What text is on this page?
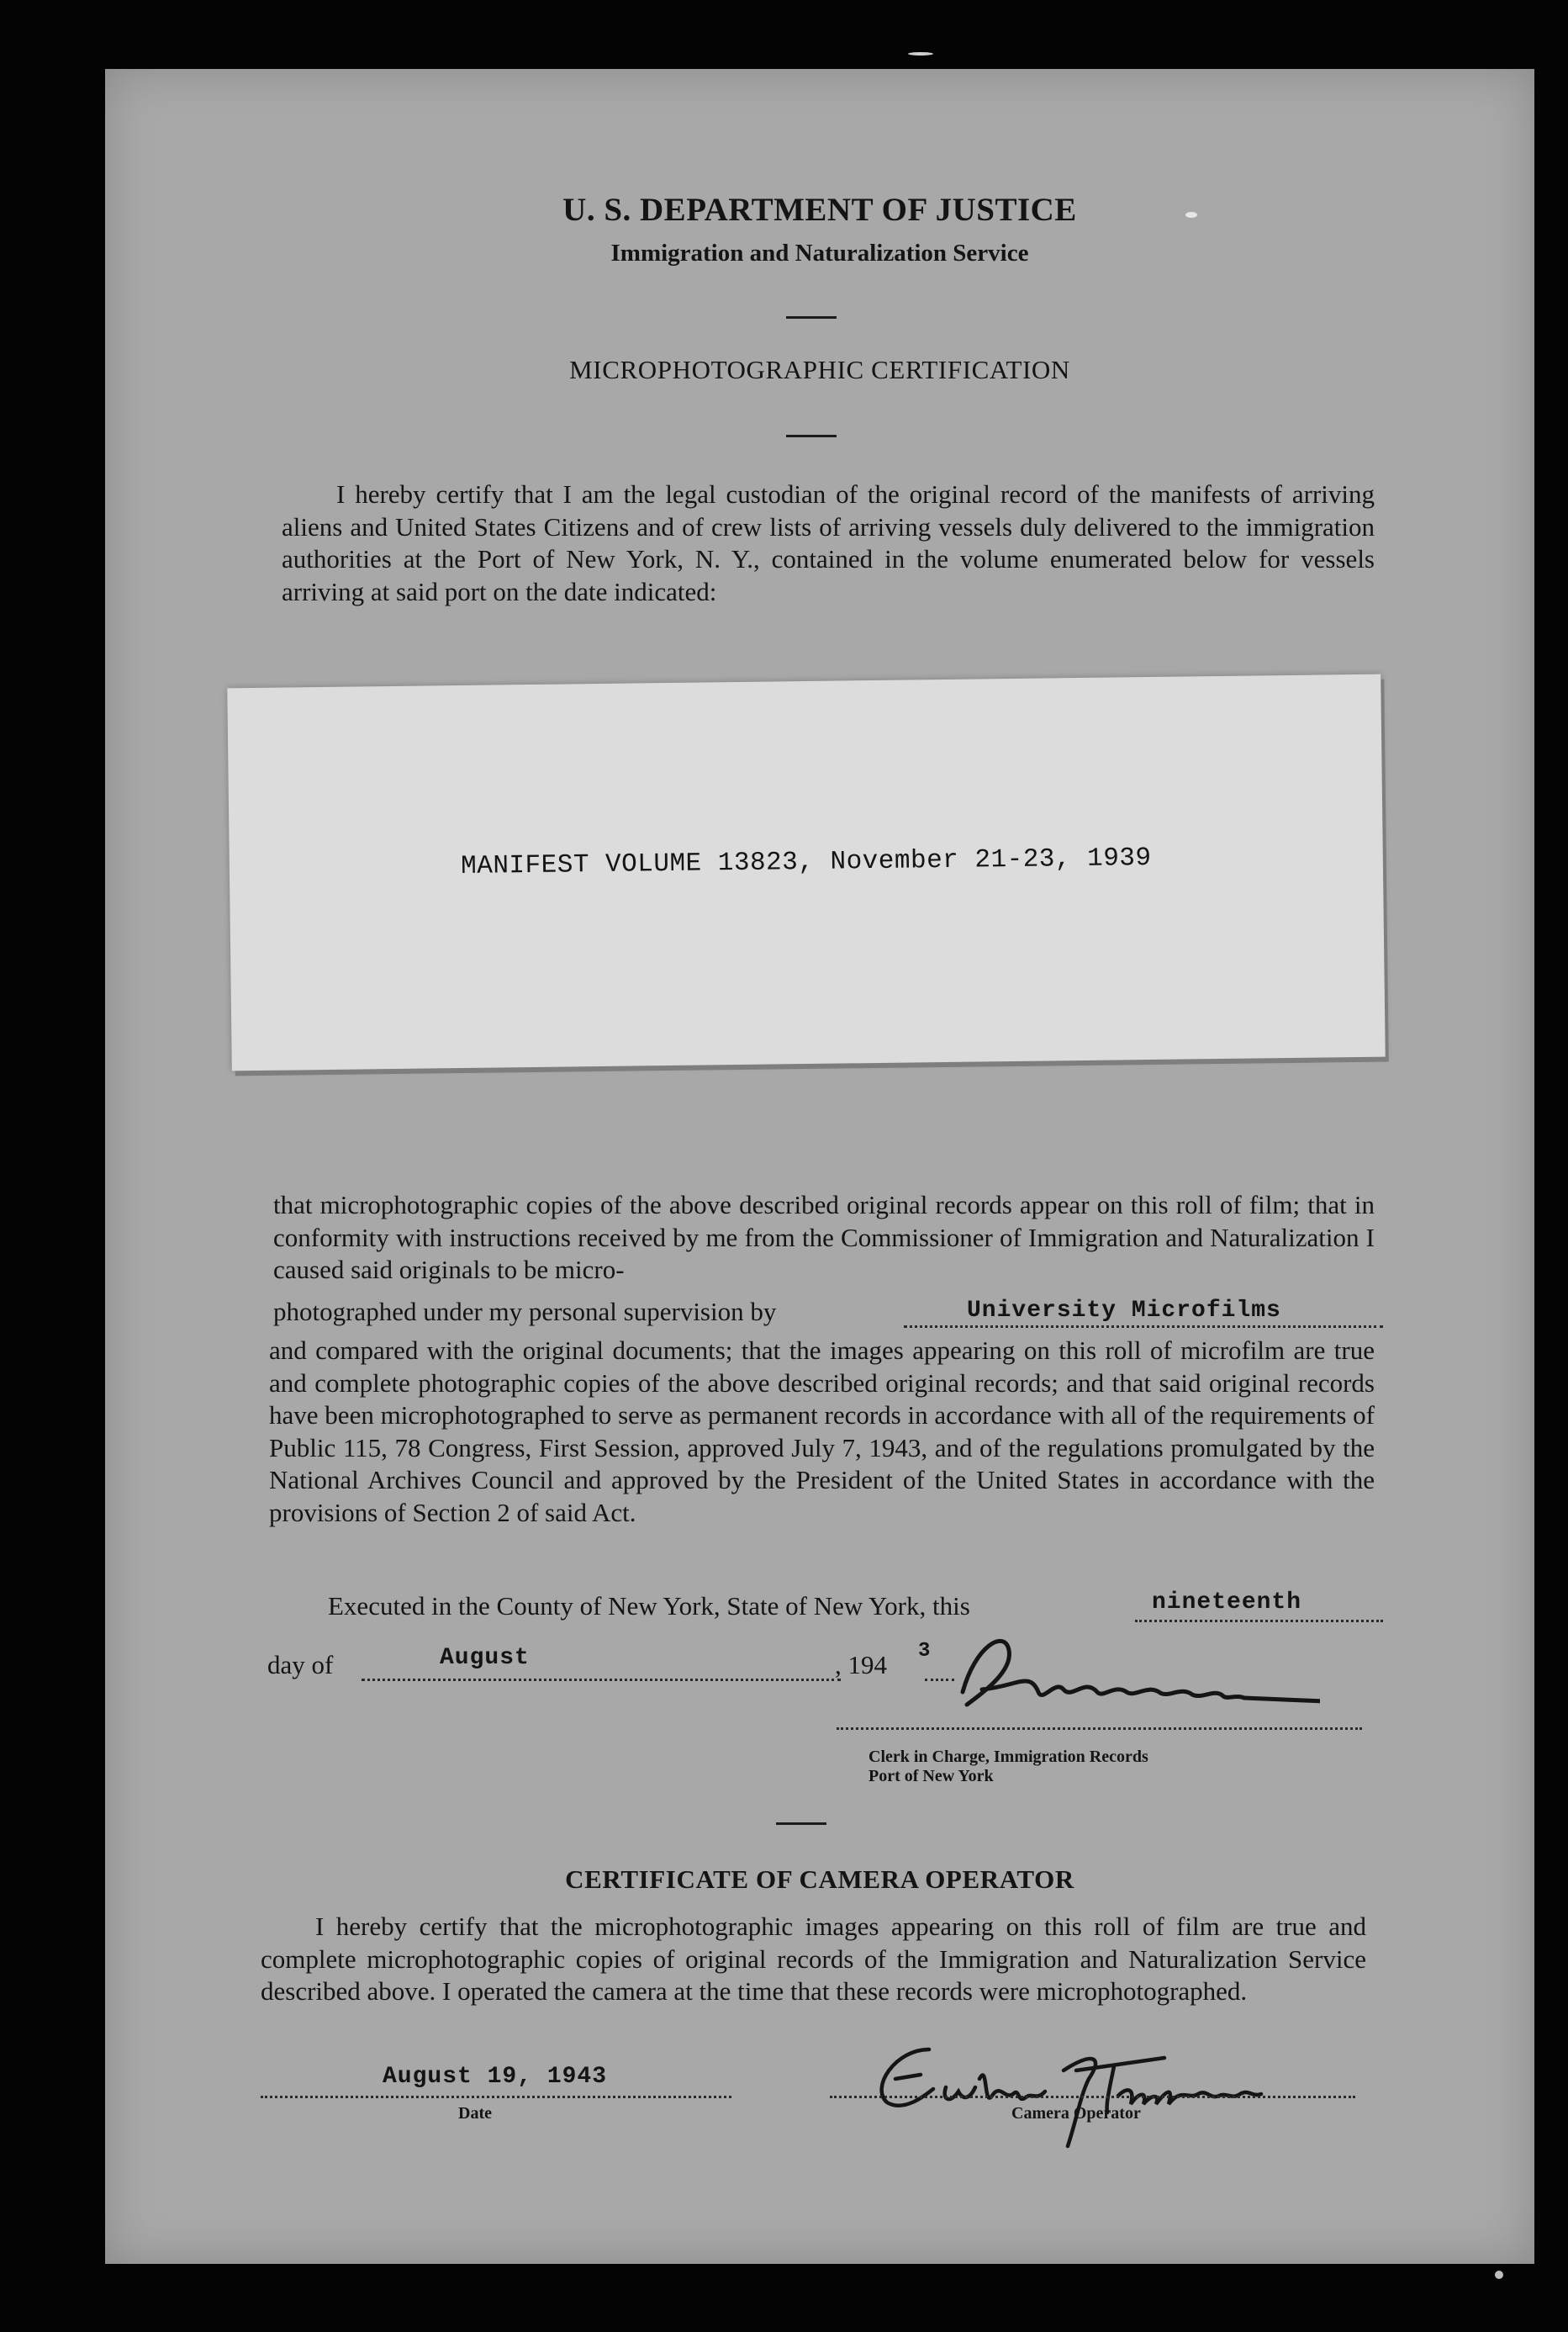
U. S. DEPARTMENT OF JUSTICE
Immigration and Naturalization Service
MICROPHOTOGRAPHIC CERTIFICATION

I hereby certify that I am the legal custodian of the original record of the manifests of arriving aliens and United States Citizens and of crew lists of arriving vessels duly delivered to the immigration authorities at the Port of New York, N. Y., contained in the volume enumerated below for vessels arriving at said port on the date indicated:

MANIFEST VOLUME 13823, November 21-23, 1939

that microphotographic copies of the above described original records appear on this roll of film; that in conformity with instructions received by me from the Commissioner of Immigration and Naturalization I caused said originals to be micro-

photographed under my personal supervision by	University Microfilms

and compared with the original documents; that the images appearing on this roll of microfilm are true and complete photographic copies of the above described original records; and that said original records have been microphotographed to serve as permanent records in accordance with all of the requirements of Public 115, 78 Congress, First Session, approved July 7, 1943, and of the regulations promulgated by the National Archives Council and approved by the President of the United States in accordance with the provisions of Section 2 of said Act.

Executed in the County of New York, State of New York, this	nineteenth
day of	August	, 194 3
Clerk in Charge, Immigration Records
Port of New York
CERTIFICATE OF CAMERA OPERATOR

I hereby certify that the microphotographic images appearing on this roll of film are true and complete microphotographic copies of original records of the Immigration and Naturalization Service described above. I operated the camera at the time that these records were microphotographed.

August 19, 1943
Date	Camera Operator
